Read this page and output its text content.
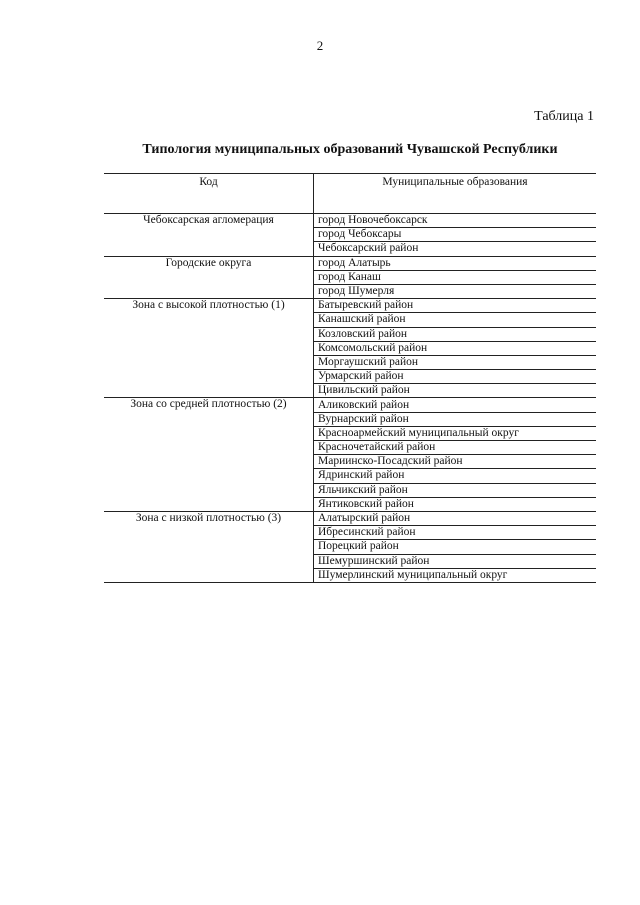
2
Таблица 1
Типология муниципальных образований Чувашской Республики
Код	Муниципальные образования
Чебоксарская агломерация	город Новочебоксарск
	город Чебоксары
	Чебоксарский район
Городские округа	город Алатырь
	город Канаш
	город Шумерля
Зона с высокой плотностью (1)	Батыревский район
	Канашский район
	Козловский район
	Комсомольский район
	Моргаушский район
	Урмарский район
	Цивильский район
Зона со средней плотностью (2)	Аликовский район
	Вурнарский район
	Красноармейский муниципальный округ
	Красночетайский район
	Мариинско-Посадский район
	Ядринский район
	Яльчикский район
	Янтиковский район
Зона с низкой плотностью (3)	Алатырский район
	Ибресинский район
	Порецкий район
	Шемуршинский район
	Шумерлинский муниципальный округ
